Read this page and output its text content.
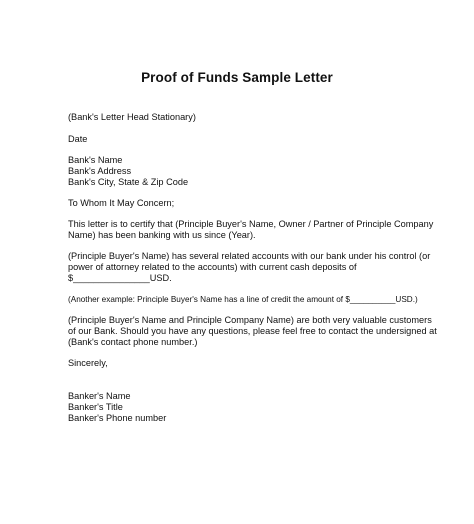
Proof of Funds Sample Letter
(Bank's Letter Head Stationary)
Date
Bank's Name
Bank's Address
Bank's City, State & Zip Code
To Whom It May Concern;
This letter is to certify that (Principle Buyer's Name, Owner / Partner of Principle Company
Name) has been banking with us since (Year).
(Principle Buyer's Name) has several related accounts with our bank under his control (or
power of attorney related to the accounts) with current cash deposits of
$_______________USD.
(Another example: Principle Buyer's Name has a line of credit the amount of $__________USD.)
(Principle Buyer's Name and Principle Company Name) are both very valuable customers
of our Bank. Should you have any questions, please feel free to contact the undersigned at
(Bank's contact phone number.)
Sincerely,
Banker's Name
Banker's Title
Banker's Phone number
